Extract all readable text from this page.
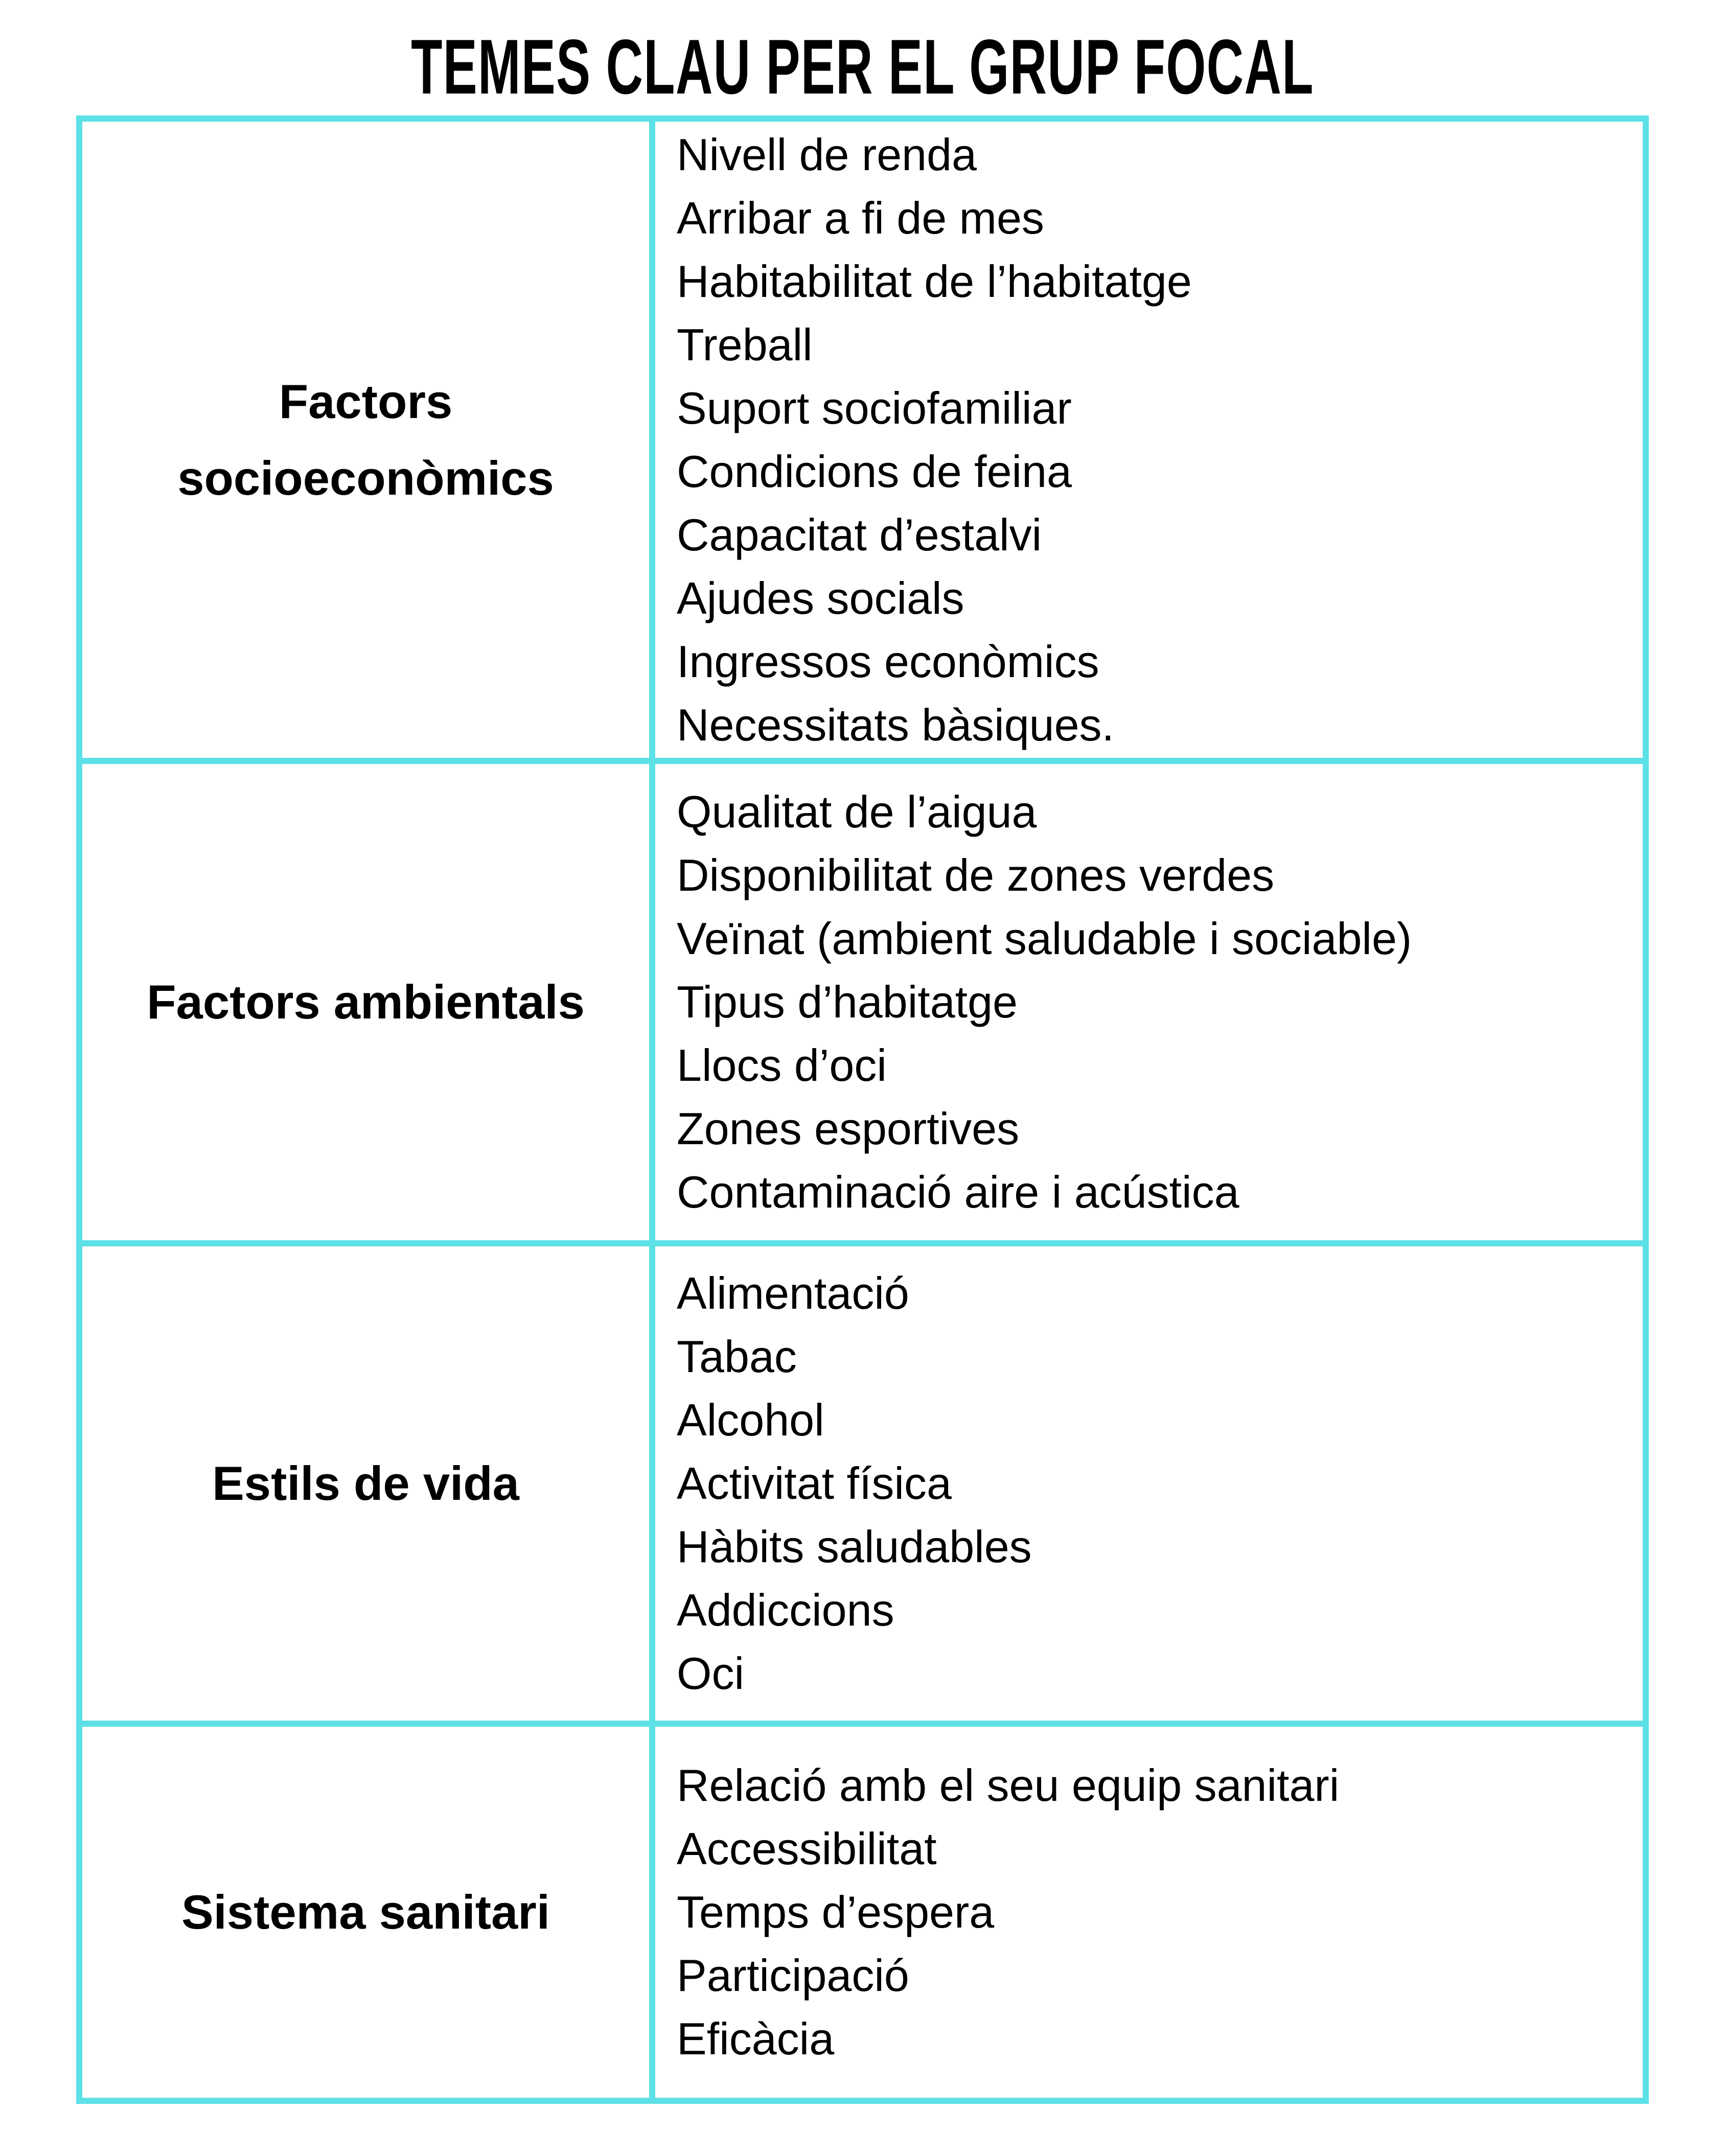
TEMES CLAU PER EL GRUP FOCAL
Factors socioeconòmics
Nivell de renda
Arribar a fi de mes
Habitabilitat de l’habitatge
Treball
Suport sociofamiliar
Condicions de feina
Capacitat d’estalvi
Ajudes socials
Ingressos econòmics
Necessitats bàsiques.
Factors ambientals
Qualitat de l’aigua
Disponibilitat de zones verdes
Veïnat (ambient saludable i sociable)
Tipus d’habitatge
Llocs d’oci
Zones esportives
Contaminació aire i acústica
Estils de vida
Alimentació
Tabac
Alcohol
Activitat física
Hàbits saludables
Addiccions
Oci
Sistema sanitari
Relació amb el seu equip sanitari
Accessibilitat
Temps d’espera
Participació
Eficàcia
